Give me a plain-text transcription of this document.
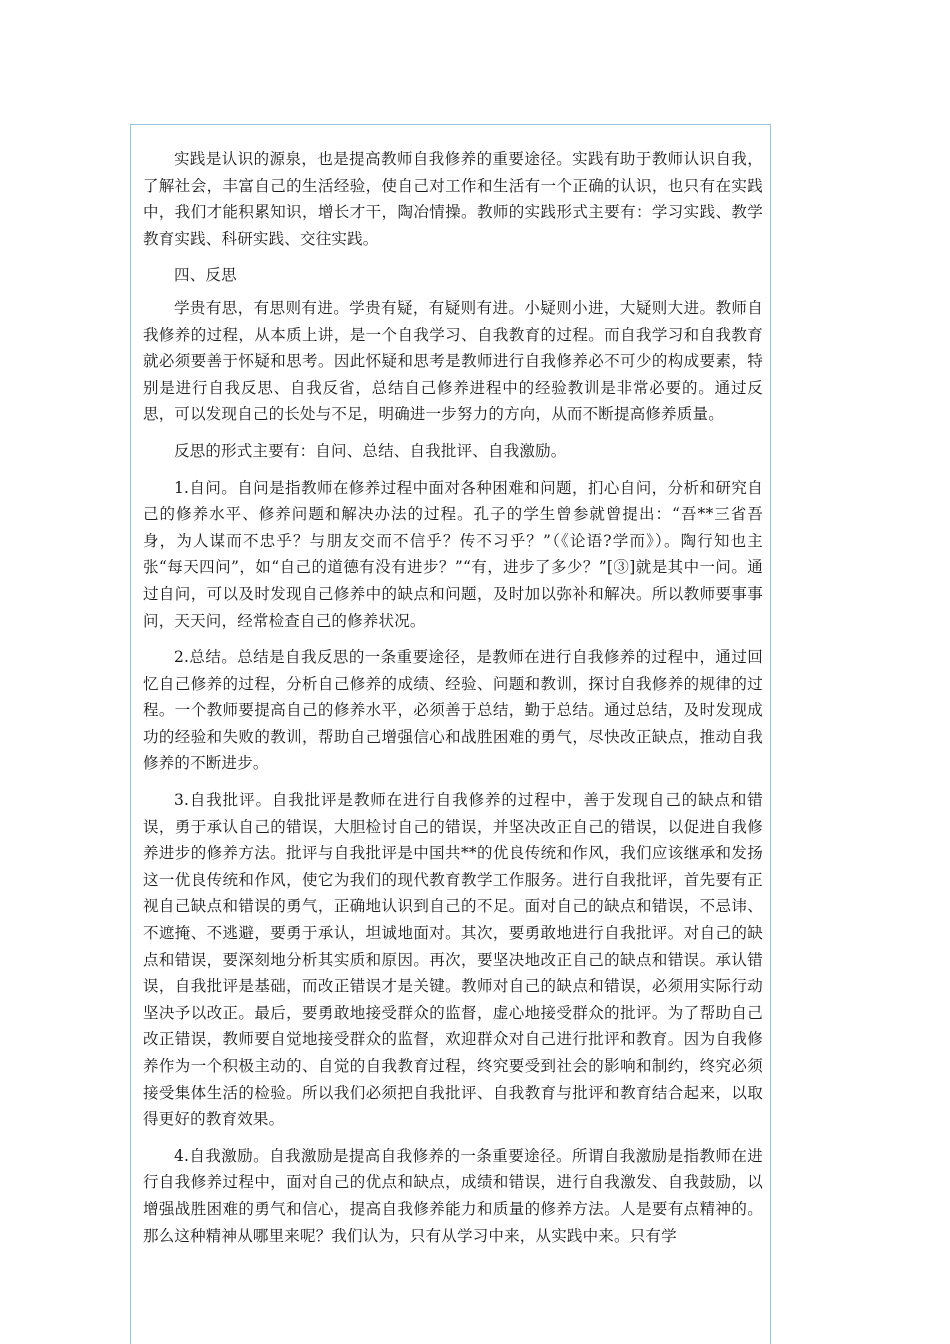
实践是认识的源泉，也是提高教师自我修养的重要途径。实践有助于教师认识自我，了解社会，丰富自己的生活经验，使自己对工作和生活有一个正确的认识，也只有在实践中，我们才能积累知识，增长才干，陶冶情操。教师的实践形式主要有：学习实践、教学教育实践、科研实践、交往实践。

四、反思

学贵有思，有思则有进。学贵有疑，有疑则有进。小疑则小进，大疑则大进。教师自我修养的过程，从本质上讲，是一个自我学习、自我教育的过程。而自我学习和自我教育就必须要善于怀疑和思考。因此怀疑和思考是教师进行自我修养必不可少的构成要素，特别是进行自我反思、自我反省，总结自己修养进程中的经验教训是非常必要的。通过反思，可以发现自己的长处与不足，明确进一步努力的方向，从而不断提高修养质量。

反思的形式主要有：自问、总结、自我批评、自我激励。

1.自问。自问是指教师在修养过程中面对各种困难和问题，扪心自问，分析和研究自己的修养水平、修养问题和解决办法的过程。孔子的学生曾参就曾提出：“吾**三省吾身，为人谋而不忠乎？与朋友交而不信乎？传不习乎？”（《论语?学而》）。陶行知也主张“每天四问”，如“自己的道德有没有进步？”“有，进步了多少？”[③]就是其中一问。通过自问，可以及时发现自己修养中的缺点和问题，及时加以弥补和解决。所以教师要事事问，天天问，经常检查自己的修养状况。

2.总结。总结是自我反思的一条重要途径，是教师在进行自我修养的过程中，通过回忆自己修养的过程，分析自己修养的成绩、经验、问题和教训，探讨自我修养的规律的过程。一个教师要提高自己的修养水平，必须善于总结，勤于总结。通过总结，及时发现成功的经验和失败的教训，帮助自己增强信心和战胜困难的勇气，尽快改正缺点，推动自我修养的不断进步。

3.自我批评。自我批评是教师在进行自我修养的过程中，善于发现自己的缺点和错误，勇于承认自己的错误，大胆检讨自己的错误，并坚决改正自己的错误，以促进自我修养进步的修养方法。批评与自我批评是中国共**的优良传统和作风，我们应该继承和发扬这一优良传统和作风，使它为我们的现代教育教学工作服务。进行自我批评，首先要有正视自己缺点和错误的勇气，正确地认识到自己的不足。面对自己的缺点和错误，不忌讳、不遮掩、不逃避，要勇于承认，坦诚地面对。其次，要勇敢地进行自我批评。对自己的缺点和错误，要深刻地分析其实质和原因。再次，要坚决地改正自己的缺点和错误。承认错误，自我批评是基础，而改正错误才是关键。教师对自己的缺点和错误，必须用实际行动坚决予以改正。最后，要勇敢地接受群众的监督，虚心地接受群众的批评。为了帮助自己改正错误，教师要自觉地接受群众的监督，欢迎群众对自己进行批评和教育。因为自我修养作为一个积极主动的、自觉的自我教育过程，终究要受到社会的影响和制约，终究必须接受集体生活的检验。所以我们必须把自我批评、自我教育与批评和教育结合起来，以取得更好的教育效果。

4.自我激励。自我激励是提高自我修养的一条重要途径。所谓自我激励是指教师在进行自我修养过程中，面对自己的优点和缺点，成绩和错误，进行自我激发、自我鼓励，以增强战胜困难的勇气和信心，提高自我修养能力和质量的修养方法。人是要有点精神的。那么这种精神从哪里来呢？我们认为，只有从学习中来，从实践中来。只有学
